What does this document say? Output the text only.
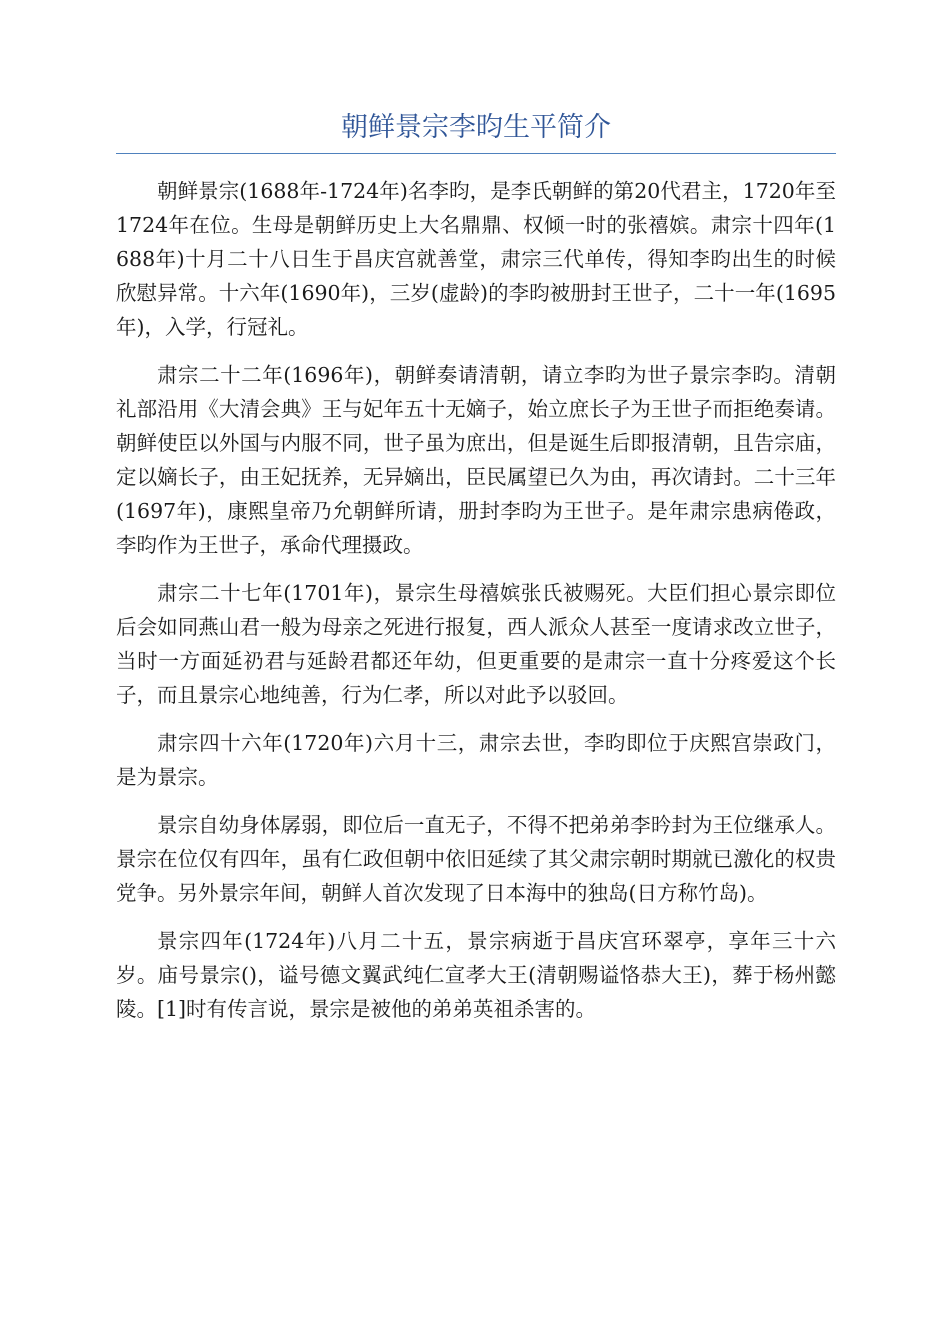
朝鲜景宗李昀生平简介

朝鲜景宗(1688年-1724年)名李昀，是李氏朝鲜的第20代君主，1720年至1724年在位。生母是朝鲜历史上大名鼎鼎、权倾一时的张禧嫔。肃宗十四年(1688年)十月二十八日生于昌庆宫就善堂，肃宗三代单传，得知李昀出生的时候欣慰异常。十六年(1690年)，三岁(虚龄)的李昀被册封王世子，二十一年(1695年)，入学，行冠礼。

肃宗二十二年(1696年)，朝鲜奏请清朝，请立李昀为世子景宗李昀。清朝礼部沿用《大清会典》王与妃年五十无嫡子，始立庶长子为王世子而拒绝奏请。朝鲜使臣以外国与内服不同，世子虽为庶出，但是诞生后即报清朝，且告宗庙，定以嫡长子，由王妃抚养，无异嫡出，臣民属望已久为由，再次请封。二十三年(1697年)，康熙皇帝乃允朝鲜所请，册封李昀为王世子。是年肃宗患病倦政，李昀作为王世子，承命代理摄政。

肃宗二十七年(1701年)，景宗生母禧嫔张氏被赐死。大臣们担心景宗即位后会如同燕山君一般为母亲之死进行报复，西人派众人甚至一度请求改立世子，当时一方面延礽君与延龄君都还年幼，但更重要的是肃宗一直十分疼爱这个长子，而且景宗心地纯善，行为仁孝，所以对此予以驳回。

肃宗四十六年(1720年)六月十三，肃宗去世，李昀即位于庆熙宫崇政门，是为景宗。

景宗自幼身体孱弱，即位后一直无子，不得不把弟弟李昑封为王位继承人。景宗在位仅有四年，虽有仁政但朝中依旧延续了其父肃宗朝时期就已激化的权贵党争。另外景宗年间，朝鲜人首次发现了日本海中的独岛(日方称竹岛)。

景宗四年(1724年)八月二十五，景宗病逝于昌庆宫环翠亭，享年三十六岁。庙号景宗()，谥号德文翼武纯仁宣孝大王(清朝赐谥恪恭大王)，葬于杨州懿陵。[1]时有传言说，景宗是被他的弟弟英祖杀害的。
